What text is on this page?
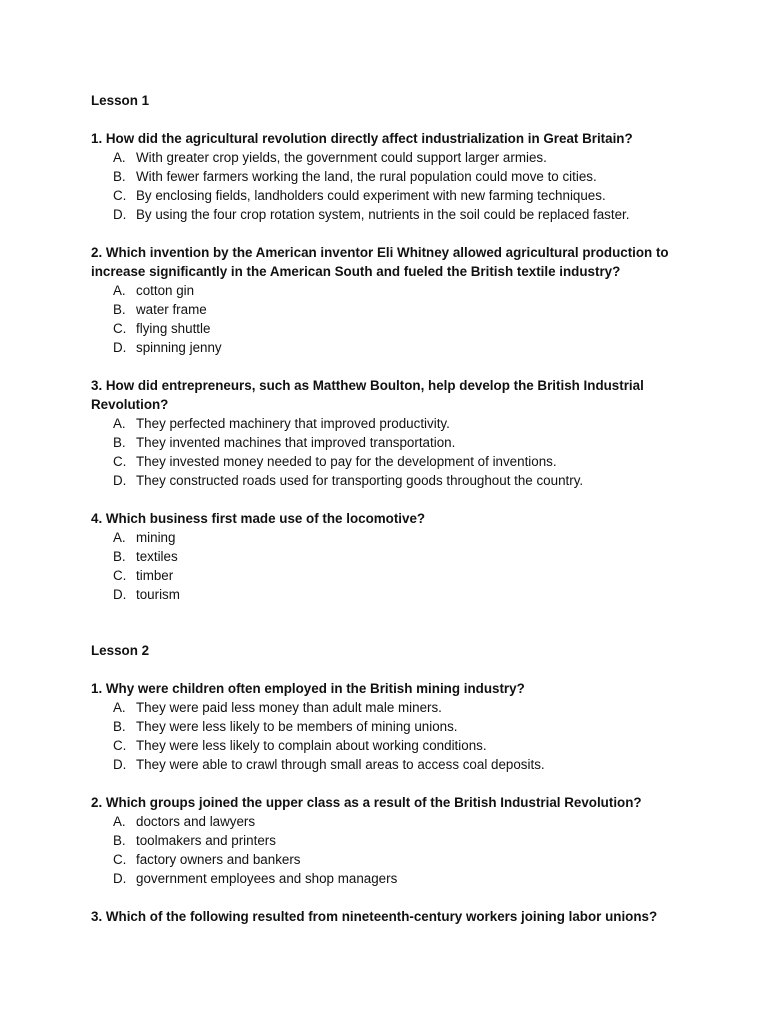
Lesson 1

1. How did the agricultural revolution directly affect industrialization in Great Britain?

A. With greater crop yields, the government could support larger armies.
B. With fewer farmers working the land, the rural population could move to cities.
C. By enclosing fields, landholders could experiment with new farming techniques.
D. By using the four crop rotation system, nutrients in the soil could be replaced faster.

2. Which invention by the American inventor Eli Whitney allowed agricultural production to increase significantly in the American South and fueled the British textile industry?

A. cotton gin
B. water frame
C. flying shuttle
D. spinning jenny

3. How did entrepreneurs, such as Matthew Boulton, help develop the British Industrial Revolution?

A. They perfected machinery that improved productivity.
B. They invented machines that improved transportation.
C. They invested money needed to pay for the development of inventions.
D. They constructed roads used for transporting goods throughout the country.

4. Which business first made use of the locomotive?

A. mining
B. textiles
C. timber
D. tourism
Lesson 2

1. Why were children often employed in the British mining industry?

A. They were paid less money than adult male miners.
B. They were less likely to be members of mining unions.
C. They were less likely to complain about working conditions.
D. They were able to crawl through small areas to access coal deposits.

2. Which groups joined the upper class as a result of the British Industrial Revolution?

A. doctors and lawyers
B. toolmakers and printers
C. factory owners and bankers
D. government employees and shop managers

3. Which of the following resulted from nineteenth-century workers joining labor unions?
